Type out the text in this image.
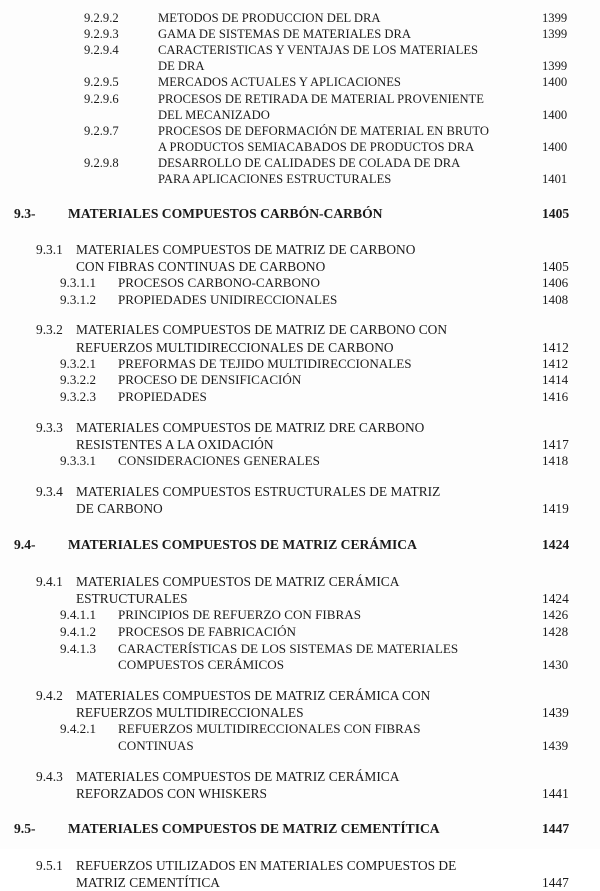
9.2.9.2	METODOS DE PRODUCCION DEL DRA	1399
9.2.9.3	GAMA DE SISTEMAS DE MATERIALES DRA	1399
9.2.9.4	CARACTERISTICAS Y VENTAJAS DE LOS MATERIALES
DE DRA	1399
9.2.9.5	MERCADOS ACTUALES Y APLICACIONES	1400
9.2.9.6	PROCESOS DE RETIRADA DE MATERIAL PROVENIENTE
DEL MECANIZADO	1400
9.2.9.7	PROCESOS DE DEFORMACIÓN DE MATERIAL EN BRUTO
A PRODUCTOS SEMIACABADOS DE PRODUCTOS DRA	1400
9.2.9.8	DESARROLLO DE CALIDADES DE COLADA DE DRA
PARA APLICACIONES ESTRUCTURALES	1401
9.3-	MATERIALES COMPUESTOS CARBÓN-CARBÓN	1405
9.3.1 MATERIALES COMPUESTOS DE MATRIZ DE CARBONO
CON FIBRAS CONTINUAS DE CARBONO	1405
9.3.1.1	PROCESOS CARBONO-CARBONO	1406
9.3.1.2	PROPIEDADES UNIDIRECCIONALES	1408
9.3.2 MATERIALES COMPUESTOS DE MATRIZ DE CARBONO CON
REFUERZOS MULTIDIRECCIONALES DE CARBONO	1412
9.3.2.1	PREFORMAS DE TEJIDO MULTIDIRECCIONALES	1412
9.3.2.2	PROCESO DE DENSIFICACIÓN	1414
9.3.2.3	PROPIEDADES	1416
9.3.3 MATERIALES COMPUESTOS DE MATRIZ DRE CARBONO
RESISTENTES A LA OXIDACIÓN	1417
9.3.3.1	CONSIDERACIONES GENERALES	1418
9.3.4 MATERIALES COMPUESTOS ESTRUCTURALES DE MATRIZ
DE CARBONO	1419
9.4-	MATERIALES COMPUESTOS DE MATRIZ CERÁMICA	1424
9.4.1 MATERIALES COMPUESTOS DE MATRIZ CERÁMICA
ESTRUCTURALES	1424
9.4.1.1	PRINCIPIOS DE REFUERZO CON FIBRAS	1426
9.4.1.2	PROCESOS DE FABRICACIÓN	1428
9.4.1.3	CARACTERÍSTICAS DE LOS SISTEMAS DE MATERIALES
COMPUESTOS CERÁMICOS	1430
9.4.2 MATERIALES COMPUESTOS DE MATRIZ CERÁMICA CON
REFUERZOS MULTIDIRECCIONALES	1439
9.4.2.1	REFUERZOS MULTIDIRECCIONALES CON FIBRAS
CONTINUAS	1439
9.4.3 MATERIALES COMPUESTOS DE MATRIZ CERÁMICA
REFORZADOS CON WHISKERS	1441
9.5-	MATERIALES COMPUESTOS DE MATRIZ CEMENTÍTICA	1447
9.5.1 REFUERZOS UTILIZADOS EN MATERIALES COMPUESTOS DE
MATRIZ CEMENTÍTICA	1447
